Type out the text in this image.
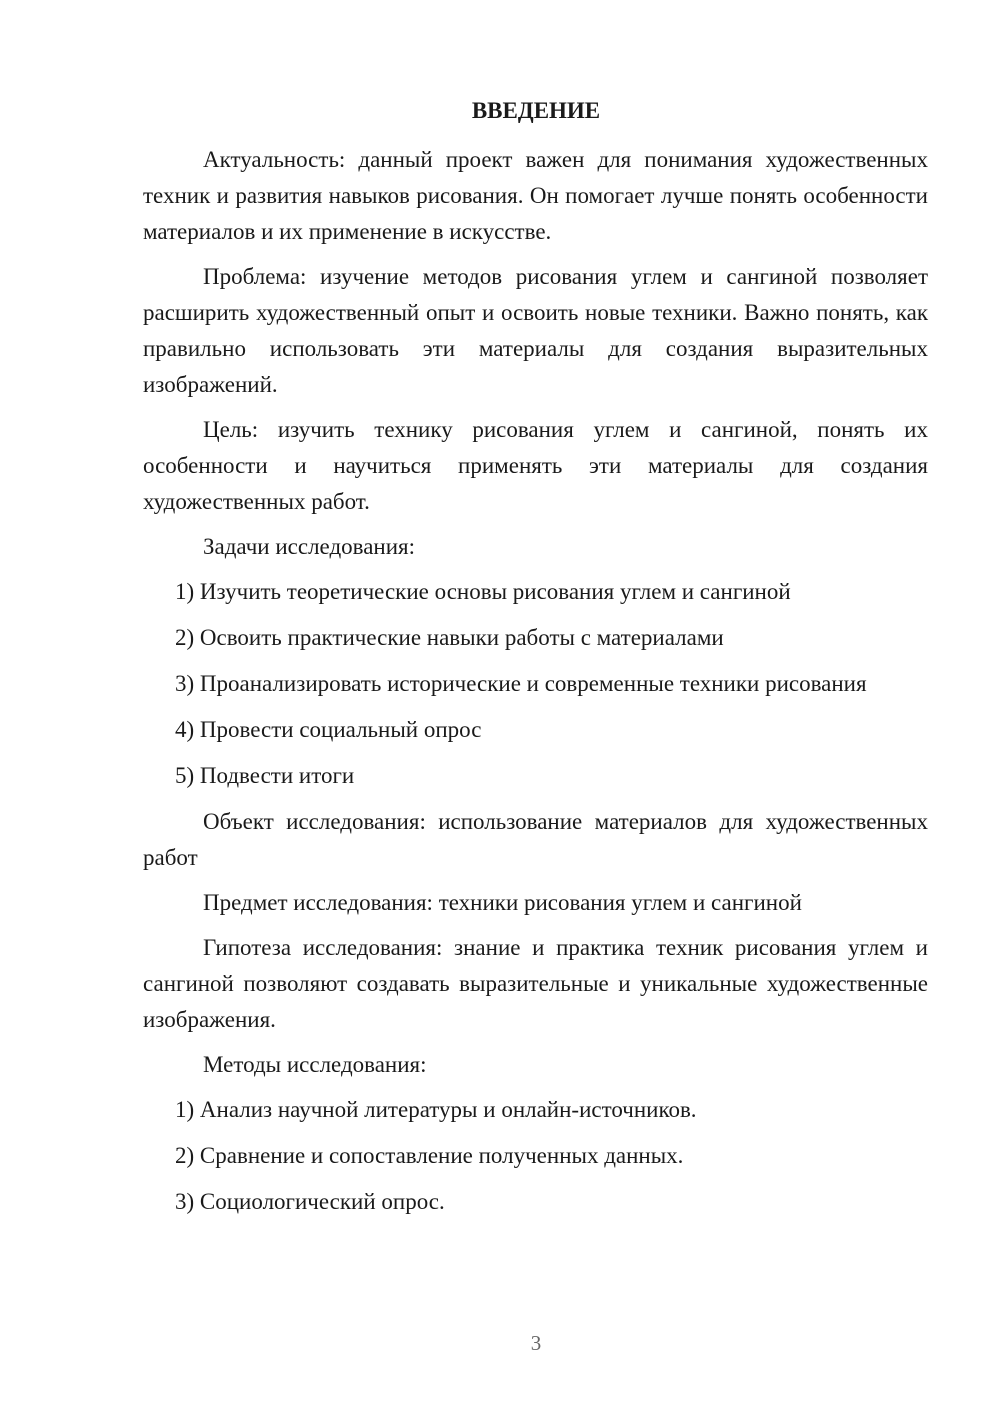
ВВЕДЕНИЕ

Актуальность: данный проект важен для понимания художественных техник и развития навыков рисования. Он помогает лучше понять особенности материалов и их применение в искусстве.

Проблема: изучение методов рисования углем и сангиной позволяет расширить художественный опыт и освоить новые техники. Важно понять, как правильно использовать эти материалы для создания выразительных изображений.

Цель: изучить технику рисования углем и сангиной, понять их особенности и научиться применять эти материалы для создания художественных работ.

Задачи исследования:

1) Изучить теоретические основы рисования углем и сангиной
2) Освоить практические навыки работы с материалами
3) Проанализировать исторические и современные техники рисования
4) Провести социальный опрос
5) Подвести итоги

Объект исследования: использование материалов для художественных работ

Предмет исследования: техники рисования углем и сангиной

Гипотеза исследования: знание и практика техник рисования углем и сангиной позволяют создавать выразительные и уникальные художественные изображения.

Методы исследования:

1) Анализ научной литературы и онлайн-источников.
2) Сравнение и сопоставление полученных данных.
3) Социологический опрос.
3
